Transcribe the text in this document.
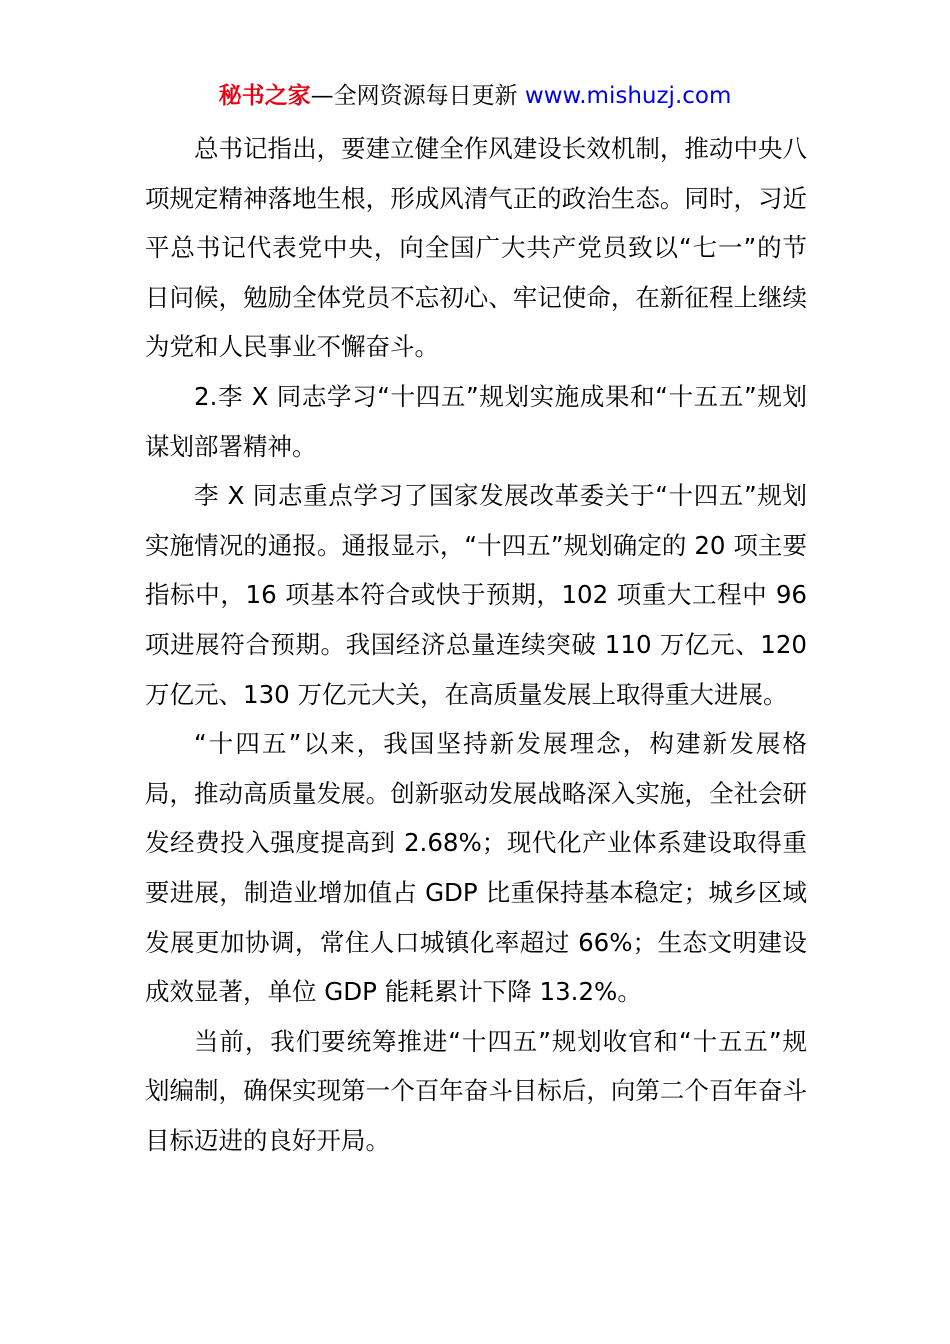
秘书之家—全网资源每日更新 www.mishuzj.com

总书记指出，要建立健全作风建设长效机制，推动中央八项规定精神落地生根，形成风清气正的政治生态。同时，习近平总书记代表党中央，向全国广大共产党员致以“七一”的节日问候，勉励全体党员不忘初心、牢记使命，在新征程上继续为党和人民事业不懈奋斗。

2.李 X 同志学习“十四五”规划实施成果和“十五五”规划谋划部署精神。

李 X 同志重点学习了国家发展改革委关于“十四五”规划实施情况的通报。通报显示，“十四五”规划确定的 20 项主要指标中，16 项基本符合或快于预期，102 项重大工程中 96 项进展符合预期。我国经济总量连续突破 110 万亿元、120 万亿元、130 万亿元大关，在高质量发展上取得重大进展。

“十四五”以来，我国坚持新发展理念，构建新发展格局，推动高质量发展。创新驱动发展战略深入实施，全社会研发经费投入强度提高到 2.68%；现代化产业体系建设取得重要进展，制造业增加值占 GDP 比重保持基本稳定；城乡区域发展更加协调，常住人口城镇化率超过 66%；生态文明建设成效显著，单位 GDP 能耗累计下降 13.2%。

当前，我们要统筹推进“十四五”规划收官和“十五五”规划编制，确保实现第一个百年奋斗目标后，向第二个百年奋斗目标迈进的良好开局。
